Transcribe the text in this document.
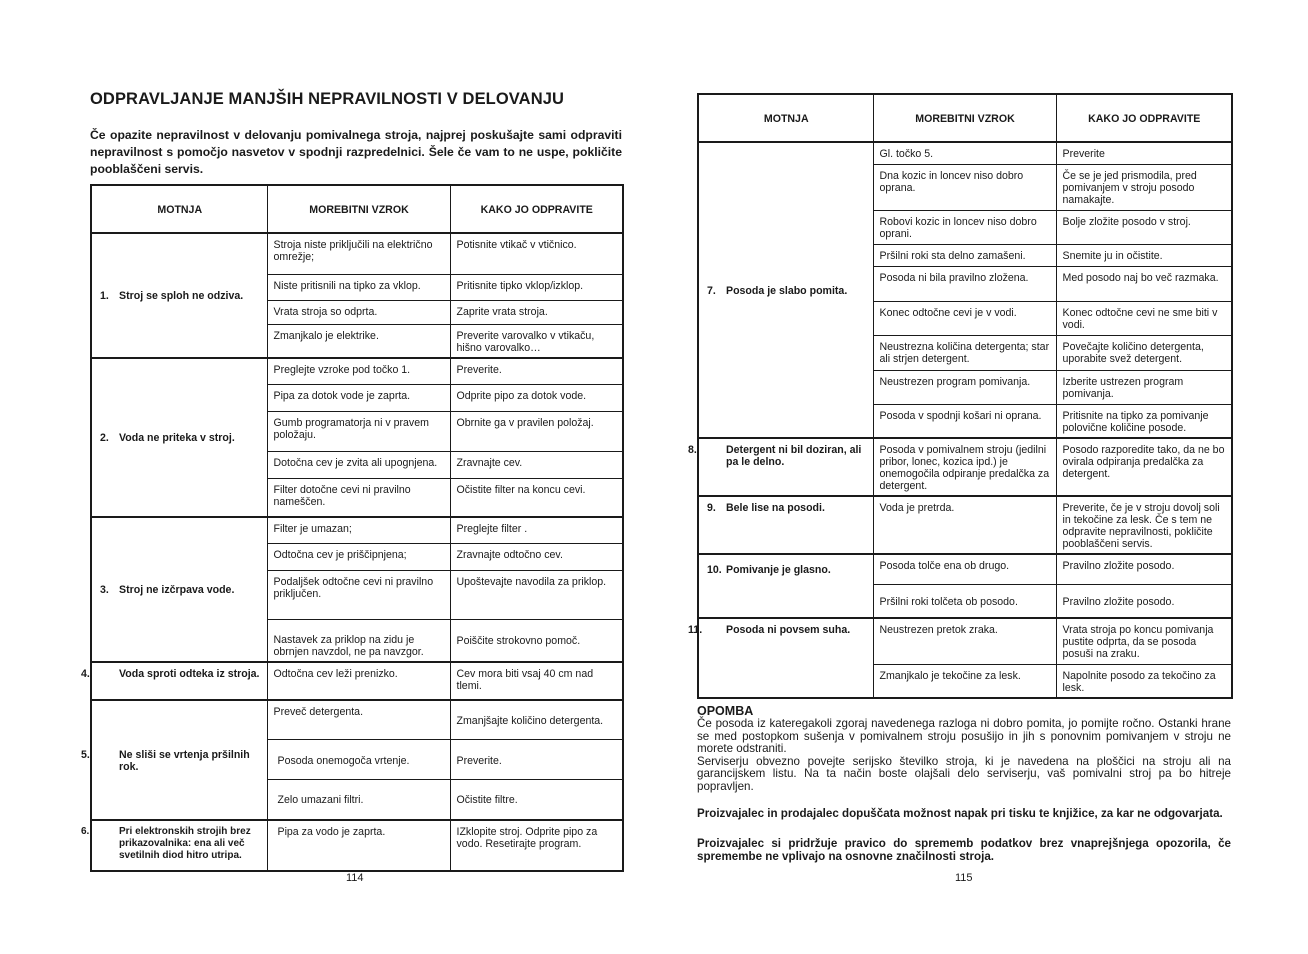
ODPRAVLJANJE MANJŠIH NEPRAVILNOSTI V DELOVANJU

Če opazite nepravilnost v delovanju pomivalnega stroja, najprej poskušajte sami odpraviti nepravilnost s pomočjo nasvetov v spodnji razpredelnici. Šele če vam to ne uspe, pokličite pooblaščeni servis.

MOTNJA	MOREBITNI VZROK	KAKO JO ODPRAVITE
1. Stroj se sploh ne odziva.	Stroja niste priključili na električno omrežje;	Potisnite vtikač v vtičnico.
	Niste pritisnili na tipko za vklop.	Pritisnite tipko vklop/izklop.
	Vrata stroja so odprta.	Zaprite vrata stroja.
	Zmanjkalo je elektrike.	Preverite varovalko v vtikaču, hišno varovalko…
2. Voda ne priteka v stroj.	Preglejte vzroke pod točko 1.	Preverite.
	Pipa za dotok vode je zaprta.	Odprite pipo za dotok vode.
	Gumb programatorja ni v pravem položaju.	Obrnite ga v pravilen položaj.
	Dotočna cev je zvita ali upognjena.	Zravnajte cev.
	Filter dotočne cevi ni pravilno nameščen.	Očistite filter na koncu cevi.
3. Stroj ne izčrpava vode.	Filter je umazan;	Preglejte filter .
	Odtočna cev je priščipnjena;	Zravnajte odtočno cev.
	Podaljšek odtočne cevi ni pravilno priključen.	Upoštevajte navodila za priklop.
	Nastavek za priklop na zidu je obrnjen navzdol, ne pa navzgor.	Poiščite strokovno pomoč.

4. Voda sproti odteka iz stroja.	Odtočna cev leži prenizko.	Cev mora biti vsaj 40 cm nad tlemi.

5. Ne sliši se vrtenja pršilnih rok.	Preveč detergenta.	Zmanjšajte količino detergenta.
	Posoda onemogoča vrtenje.	Preverite.
	Zelo umazani filtri.	Očistite filtre.

6. Pri elektronskih strojih brez prikazovalnika: ena ali več svetilnih diod hitro utripa.	Pipa za vodo je zaprta.	IZklopite stroj. Odprite pipo za vodo. Resetirajte program.
114
MOTNJA	MOREBITNI VZROK	KAKO JO ODPRAVITE
7. Posoda je slabo pomita.	Gl. točko 5.	Preverite
	Dna kozic in loncev niso dobro oprana.	Če se je jed prismodila, pred pomivanjem v stroju posodo namakajte.
	Robovi kozic in loncev niso dobro oprani.	Bolje zložite posodo v stroj.
	Pršilni roki sta delno zamašeni.	Snemite ju in očistite.
	Posoda ni bila pravilno zložena.	Med posodo naj bo več razmaka.
	Konec odtočne cevi je v vodi.	Konec odtočne cevi ne sme biti v vodi.
	Neustrezna količina detergenta; star ali strjen detergent.	Povečajte količino detergenta, uporabite svež detergent.
	Neustrezen program pomivanja.	Izberite ustrezen program pomivanja.
	Posoda v spodnji košari ni oprana.	Pritisnite na tipko za pomivanje polovične količine posode.

8. Detergent ni bil doziran, ali pa le delno.	Posoda v pomivalnem stroju (jedilni pribor, lonec, kozica ipd.) je onemogočila odpiranje predalčka za detergent.	Posodo razporedite tako, da ne bo ovirala odpiranja predalčka za detergent.
9. Bele lise na posodi.	Voda je pretrda.	Preverite, če je v stroju dovolj soli in tekočine za lesk. Če s tem ne odpravite nepravilnosti, pokličite pooblaščeni servis.
10. Pomivanje je glasno.	Posoda tolče ena ob drugo.	Pravilno zložite posodo.
	Pršilni roki tolčeta ob posodo.	Pravilno zložite posodo.

11. Posoda ni povsem suha.	Neustrezen pretok zraka.	Vrata stroja po koncu pomivanja pustite odprta, da se posoda posuši na zraku.
	Zmanjkalo je tekočine za lesk.	Napolnite posodo za tekočino za lesk.
OPOMBA

Če posoda iz kateregakoli zgoraj navedenega razloga ni dobro pomita, jo pomijte ročno. Ostanki hrane se med postopkom sušenja v pomivalnem stroju posušijo in jih s ponovnim pomivanjem v stroju ne morete odstraniti.
Serviserju obvezno povejte serijsko številko stroja, ki je navedena na ploščici na stroju ali na garancijskem listu. Na ta način boste olajšali delo serviserju, vaš pomivalni stroj pa bo hitreje popravljen.

Proizvajalec in prodajalec dopuščata možnost napak pri tisku te knjižice, za kar ne odgovarjata.

Proizvajalec si pridržuje pravico do sprememb podatkov brez vnaprejšnjega opozorila, če spremembe ne vplivajo na osnovne značilnosti stroja.

115
